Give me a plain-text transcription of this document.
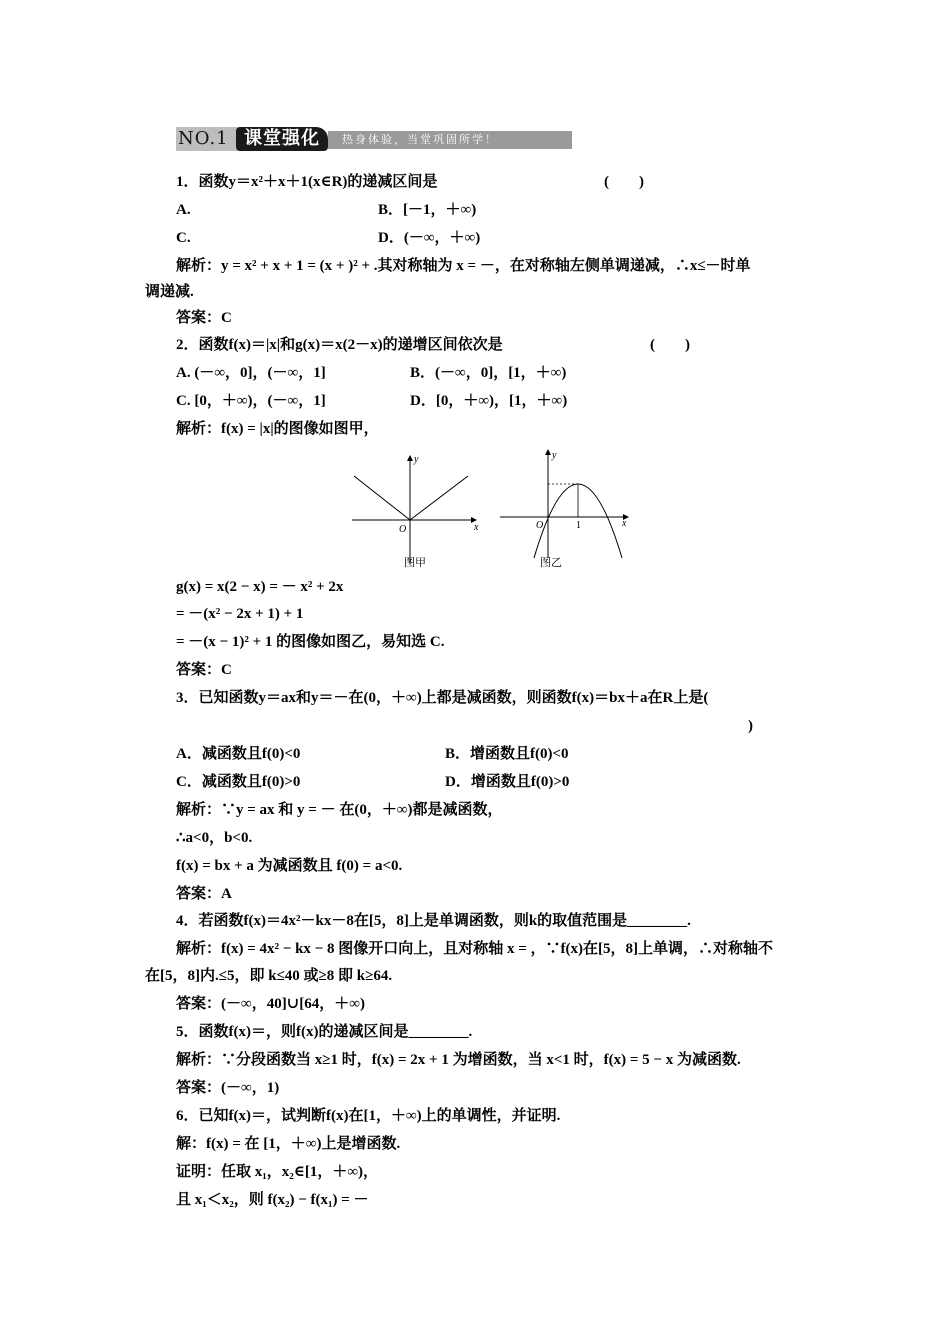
NO.1 课堂强化	热身体验，当堂巩固所学！
1．函数y＝x²＋x＋1(x∈R)的递减区间是	(　　)
A.	B．[－1，＋∞)
C.	D．(－∞，＋∞)
解析：y = x² + x + 1 = (x + )² + .其对称轴为 x = －，在对称轴左侧单调递减，∴x≤－时单
调递减.
答案：C
2．函数f(x)＝|x|和g(x)＝x(2－x)的递增区间依次是	(　　)
A. (－∞，0]，(－∞，1]	B．(－∞，0]，[1，＋∞)
C. [0，＋∞)，(－∞，1]	D．[0，＋∞)，[1，＋∞)
解析：f(x) = |x|的图像如图甲，
y
x
O
y
x
O	1
图甲	图乙
g(x) = x(2 − x) = － x² + 2x
= －(x² − 2x + 1) + 1
= －(x − 1)² + 1 的图像如图乙，易知选 C.
答案：C
3．已知函数y＝ax和y＝－在(0，＋∞)上都是减函数，则函数f(x)＝bx＋a在R上是(
)
A．减函数且f(0)<0	B．增函数且f(0)<0
C．减函数且f(0)>0	D．增函数且f(0)>0
解析：∵y = ax 和 y = － 在(0，＋∞)都是减函数，
∴a<0，b<0.
f(x) = bx + a 为减函数且 f(0) = a<0.
答案：A
4．若函数f(x)＝4x²－kx－8在[5，8]上是单调函数，则k的取值范围是________.
解析：f(x) = 4x² − kx − 8 图像开口向上，且对称轴 x = ，∵f(x)在[5，8]上单调，∴对称轴不
在[5，8]内.≤5，即 k≤40 或≥8 即 k≥64.
答案：(－∞，40]∪[64，＋∞)
5．函数f(x)＝，则f(x)的递减区间是________.
解析：∵分段函数当 x≥1 时，f(x) = 2x + 1 为增函数，当 x<1 时，f(x) = 5 − x 为减函数.
答案：(－∞，1)
6．已知f(x)＝，试判断f(x)在[1，＋∞)上的单调性，并证明.
解：f(x) = 在 [1，＋∞)上是增函数.
证明：任取 x₁，x₂∈[1，＋∞)，
且 x₁＜x₂，则 f(x₂) − f(x₁) = －
